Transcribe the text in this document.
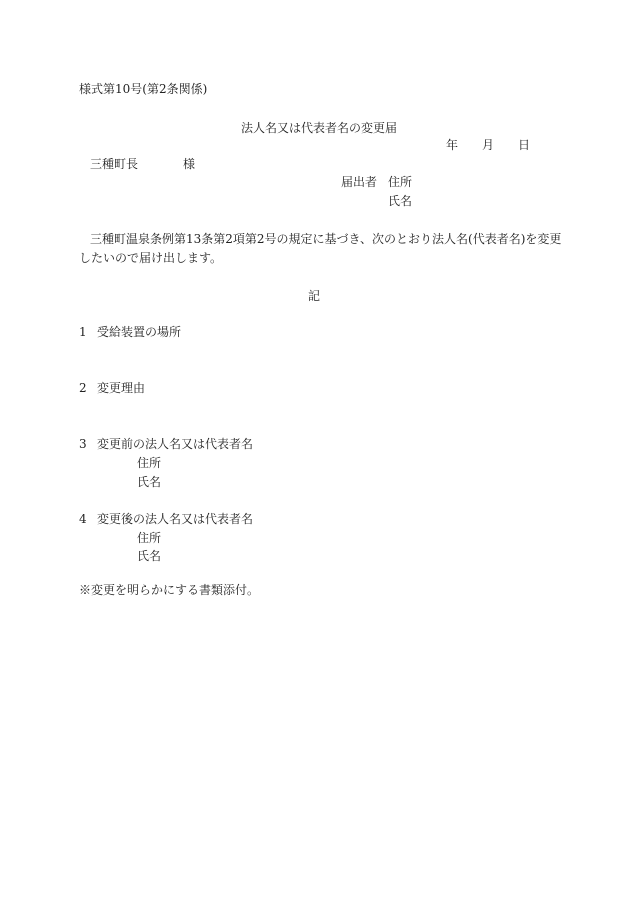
様式第10号(第2条関係)
法人名又は代表者名の変更届
年 月 日
三種町長	様
届出者 住所
氏名
三種町温泉条例第13条第2項第2号の規定に基づき、次のとおり法人名(代表者名)を変更
したいので届け出します。
記
1 受給装置の場所
2 変更理由
3 変更前の法人名又は代表者名
住所
氏名
4 変更後の法人名又は代表者名
住所
氏名
※変更を明らかにする書類添付。
